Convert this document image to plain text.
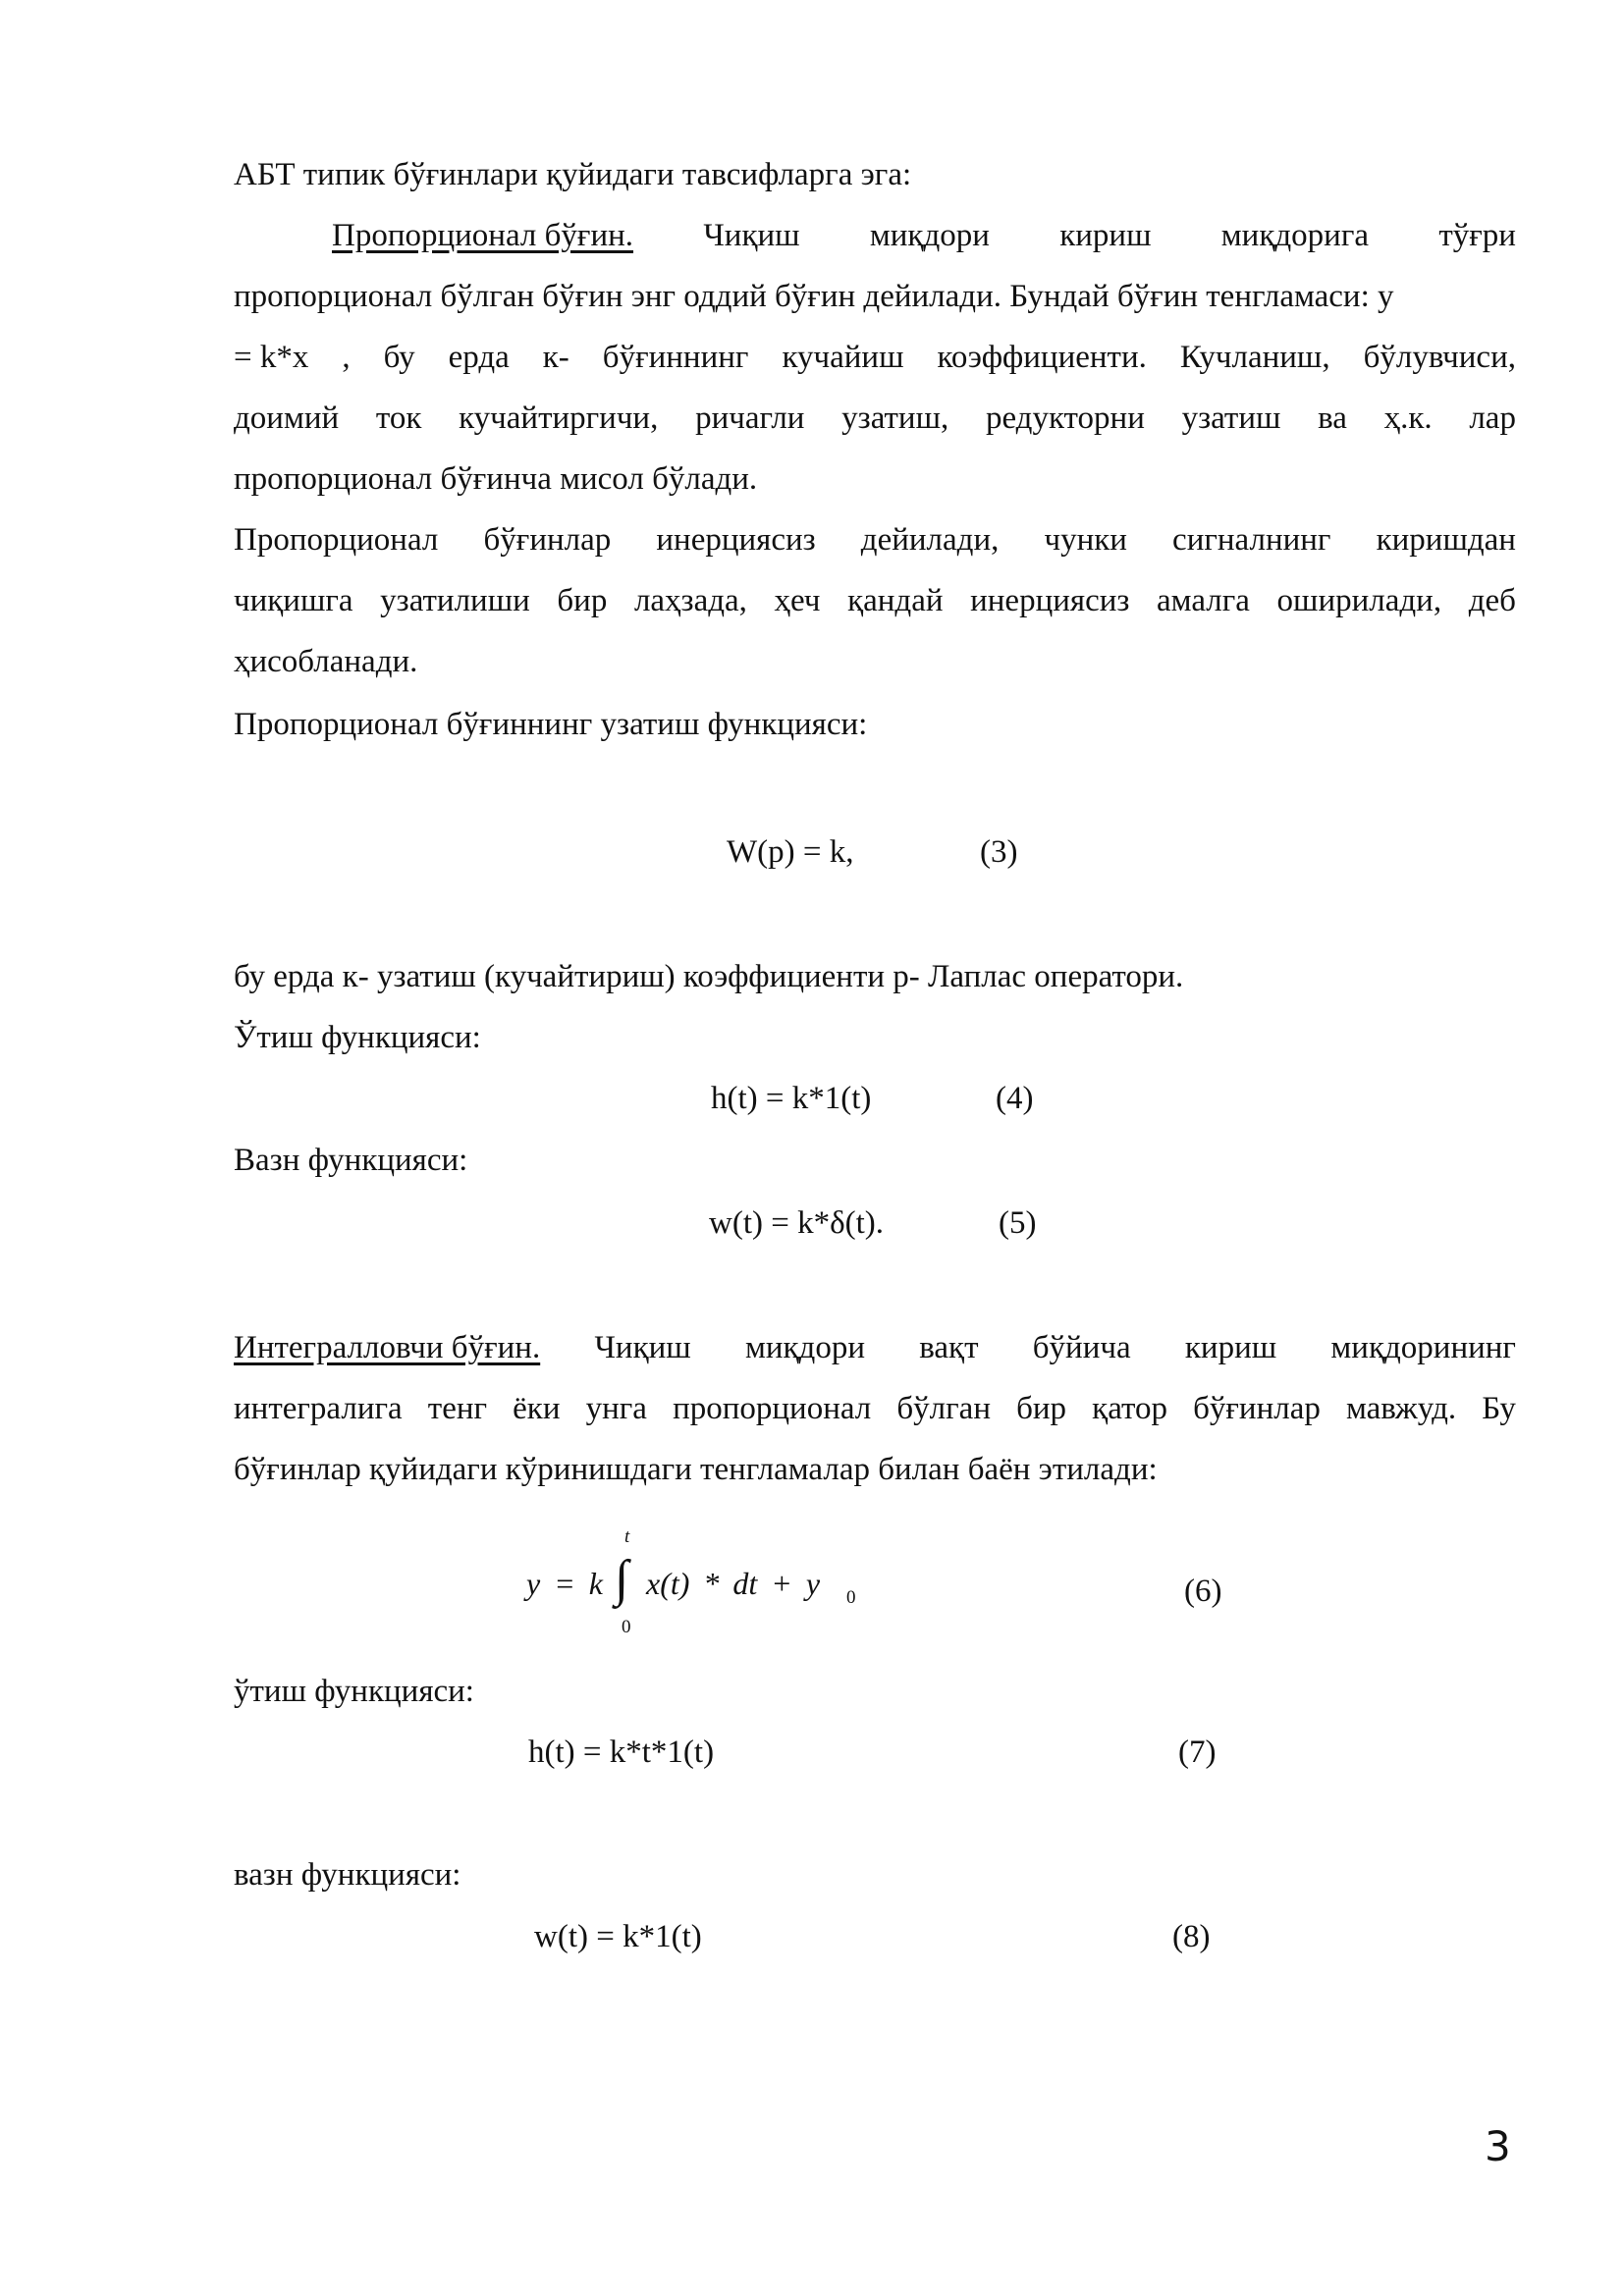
АБТ типик бўғинлари қуйидаги тавсифларга эга:
Пропорционал бўғин. Чиқиш миқдори кириш миқдорига тўғри
пропорционал бўлган бўғин энг оддий бўғин дейилади. Бундай бўғин тенгламаси: y
= k*x , бу ерда к- бўғиннинг кучайиш коэффициенти. Кучланиш, бўлувчиси,
доимий ток кучайтиргичи, ричагли узатиш, редукторни узатиш ва ҳ.к. лар
пропорционал бўғинча мисол бўлади.
Пропорционал бўғинлар инерциясиз дейилади, чунки сигналнинг киришдан
чиқишга узатилиши бир лаҳзада, ҳеч қандай инерциясиз амалга оширилади, деб
ҳисобланади.
Пропорционал бўғиннинг узатиш функцияси:
W(p) = k,	(3)
бу ерда к- узатиш (кучайтириш) коэффициенти р- Лаплас оператори.
Ўтиш функцияси:
h(t) = k*1(t)	(4)
Вазн функцияси:
w(t) = k*δ(t).	(5)
Интегралловчи бўғин. Чиқиш миқдори вақт бўйича кириш миқдорининг
интегралига тенг ёки унга пропорционал бўлган бир қатор бўғинлар мавжуд. Бу
бўғинлар қуйидаги кўринишдаги тенгламалар билан баён этилади:
y = k
t
∫
0
x(t) * dt + y 0	(6)
ўтиш функцияси:
h(t) = k*t*1(t)	(7)
вазн функцияси:
w(t) = k*1(t)	(8)
3
